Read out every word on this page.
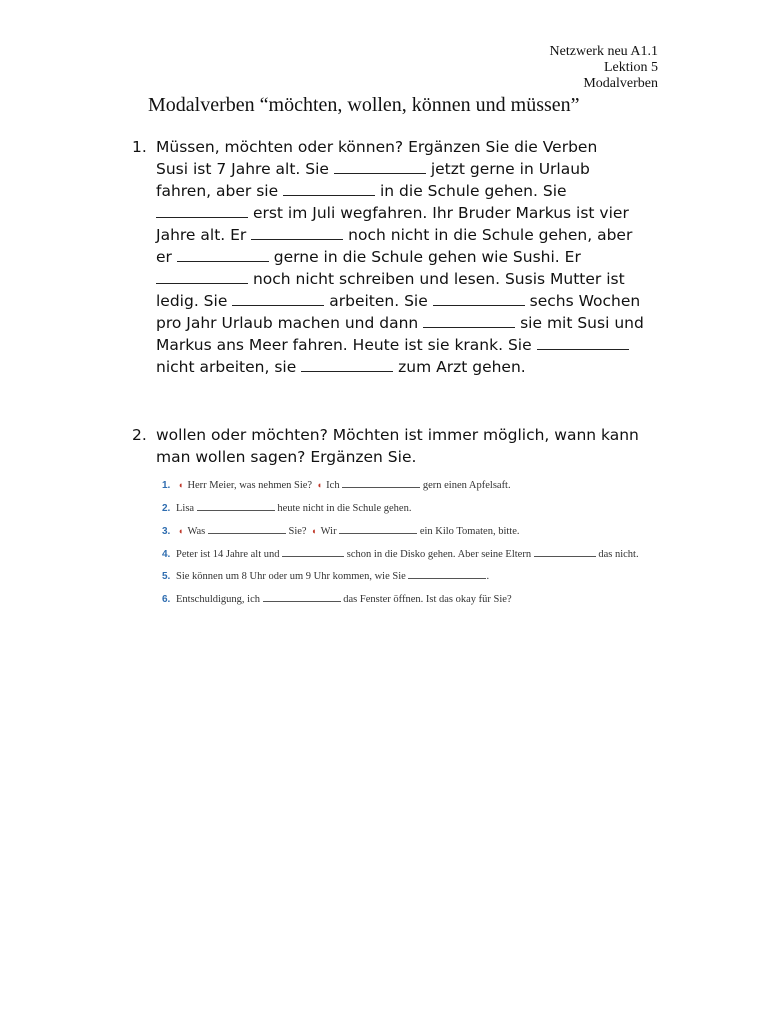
Netzwerk neu A1.1
Lektion 5
Modalverben
Modalverben “möchten, wollen, können und müssen”
1. Müssen, möchten oder können? Ergänzen Sie die Verben
Susi ist 7 Jahre alt. Sie	jetzt gerne in Urlaub
fahren, aber sie	in die Schule gehen. Sie
erst im Juli wegfahren. Ihr Bruder Markus ist vier
Jahre alt. Er	noch nicht in die Schule gehen, aber
er	gerne in die Schule gehen wie Sushi. Er
noch nicht schreiben und lesen. Susis Mutter ist
ledig. Sie	arbeiten. Sie	sechs Wochen
pro Jahr Urlaub machen und dann	sie mit Susi und
Markus ans Meer fahren. Heute ist sie krank. Sie
nicht arbeiten, sie	zum Arzt gehen.
2. wollen oder möchten? Möchten ist immer möglich, wann kann
man wollen sagen? Ergänzen Sie.
1. ◖ Herr Meier, was nehmen Sie? ◖ Ich	gern einen Apfelsaft.
2. Lisa	heute nicht in die Schule gehen.
3. ◖ Was	Sie? ◖ Wir	ein Kilo Tomaten, bitte.
4. Peter ist 14 Jahre alt und	schon in die Disko gehen. Aber seine Eltern	das nicht.
5. Sie können um 8 Uhr oder um 9 Uhr kommen, wie Sie	.
6. Entschuldigung, ich	das Fenster öffnen. Ist das okay für Sie?
